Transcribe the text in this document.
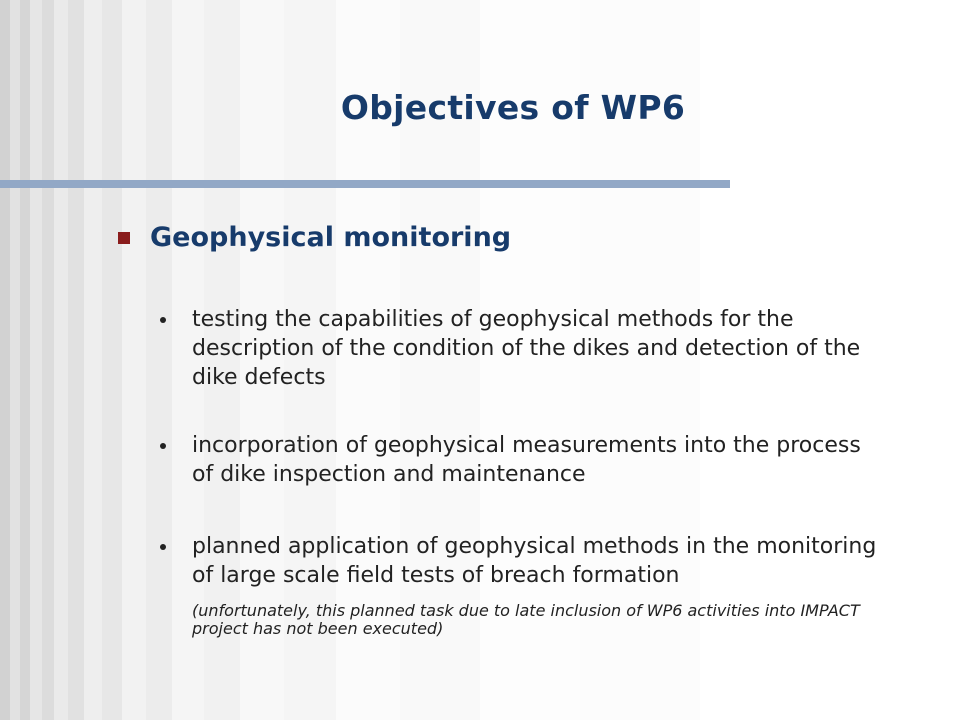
Objectives of WP6
Geophysical monitoring

testing the capabilities of geophysical methods for the description of the condition of the dikes and detection of the dike defects

incorporation of geophysical measurements into the process of dike inspection and maintenance

planned application of geophysical methods in the monitoring of large scale field tests of breach formation

(unfortunately, this planned task due to late inclusion of WP6 activities into IMPACT project has not been executed)
